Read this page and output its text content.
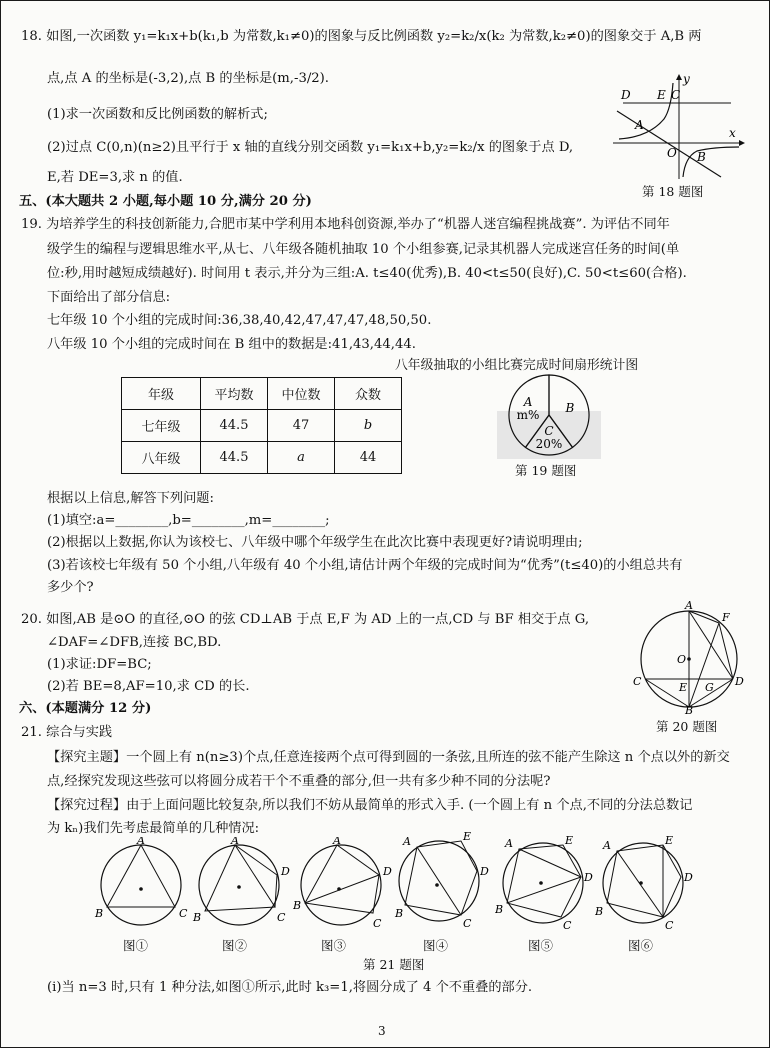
18. 如图,一次函数 y₁=k₁x+b(k₁,b 为常数,k₁≠0)的图象与反比例函数 y₂=k₂/x(k₂ 为常数,k₂≠0)的图象交于 A,B 两
点,点 A 的坐标是(-3,2),点 B 的坐标是(m,-3/2).
(1)求一次函数和反比例函数的解析式;
(2)过点 C(0,n)(n≥2)且平行于 x 轴的直线分别交函数 y₁=k₁x+b,y₂=k₂/x 的图象于点 D,
E,若 DE=3,求 n 的值.
D E C
y
A
O
x
B
第 18 题图
五、(本大题共 2 小题,每小题 10 分,满分 20 分)
19. 为培养学生的科技创新能力,合肥市某中学利用本地科创资源,举办了“机器人迷宫编程挑战赛”. 为评估不同年
级学生的编程与逻辑思维水平,从七、八年级各随机抽取 10 个小组参赛,记录其机器人完成迷宫任务的时间(单
位:秒,用时越短成绩越好). 时间用 t 表示,并分为三组:A. t≤40(优秀),B. 40<t≤50(良好),C. 50<t≤60(合格).
下面给出了部分信息:
七年级 10 个小组的完成时间:36,38,40,42,47,47,47,48,50,50.
八年级 10 个小组的完成时间在 B 组中的数据是:41,43,44,44.
八年级抽取的小组比赛完成时间扇形统计图
年级	平均数	中位数	众数
七年级	44.5	47	b
八年级	44.5	a	44
A
m% B
C
20%
第 19 题图
根据以上信息,解答下列问题:
(1)填空:a=________,b=________,m=________;
(2)根据以上数据,你认为该校七、八年级中哪个年级学生在此次比赛中表现更好?请说明理由;
(3)若该校七年级有 50 个小组,八年级有 40 个小组,请估计两个年级的完成时间为“优秀”(t≤40)的小组总共有
多少个?
20. 如图,AB 是⊙O 的直径,⊙O 的弦 CD⊥AB 于点 E,F 为 AD 上的一点,CD 与 BF 相交于点 G,
∠DAF=∠DFB,连接 BC,BD.
(1)求证:DF=BC;
(2)若 BE=8,AF=10,求 CD 的长.
A
F
O
C	E
B
G D
第 20 题图
六、(本题满分 12 分)
21. 综合与实践
【探究主题】一个圆上有 n(n≥3)个点,任意连接两个点可得到圆的一条弦,且所连的弦不能产生除这 n 个点以外的新交
点,经探究发现这些弦可以将圆分成若干个不重叠的部分,但一共有多少种不同的分法呢?
【探究过程】由于上面问题比较复杂,所以我们不妨从最简单的形式入手. (一个圆上有 n 个点,不同的分法总数记
为 kₙ)我们先考虑最简单的几种情况:
A
B	C
图①
A
B	C
D
图②
A
B
C
D
图③
A
B
C
D
E
图④
A
B
C
D
E
图⑤
A
B
C
D
E
图⑥
第 21 题图
(ⅰ)当 n=3 时,只有 1 种分法,如图①所示,此时 k₃=1,将圆分成了 4 个不重叠的部分.
3
